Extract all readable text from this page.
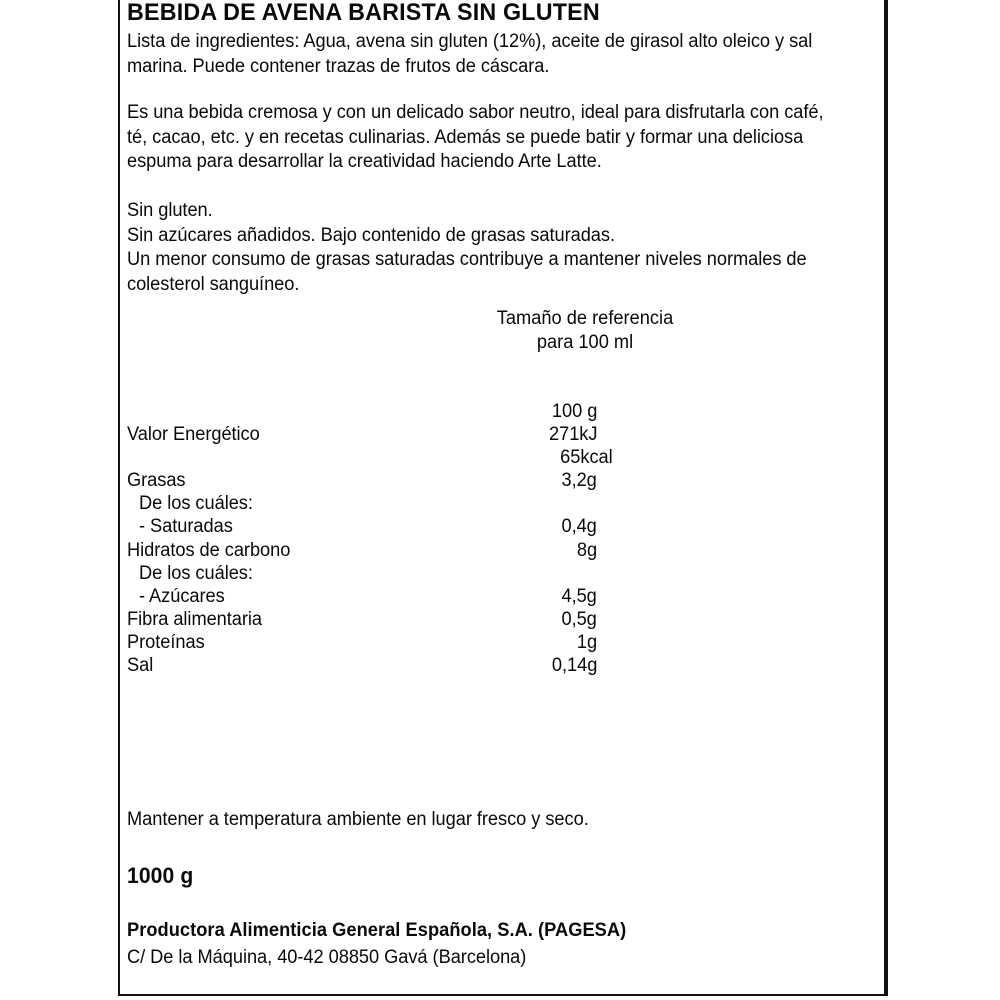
BEBIDA DE AVENA BARISTA SIN GLUTEN
Lista de ingredientes: Agua, avena sin gluten (12%), aceite de girasol alto oleico y sal marina. Puede contener trazas de frutos de cáscara.
Es una bebida cremosa y con un delicado sabor neutro, ideal para disfrutarla con café, té, cacao, etc. y en recetas culinarias. Además se puede batir y formar una deliciosa espuma para desarrollar la creatividad haciendo Arte Latte.
Sin gluten.
Sin azúcares añadidos. Bajo contenido de grasas saturadas.
Un menor consumo de grasas saturadas contribuye a mantener niveles normales de colesterol sanguíneo.
Tamaño de referencia
para 100 ml
100 g
Valor Energético	271kJ
65kcal
Grasas	3,2g
De los cuáles:
- Saturadas	0,4g
Hidratos de carbono	8g
De los cuáles:
- Azúcares	4,5g
Fibra alimentaria	0,5g
Proteínas	1g
Sal	0,14g
Mantener a temperatura ambiente en lugar fresco y seco.
1000 g
Productora Alimenticia General Española, S.A. (PAGESA)
C/ De la Máquina, 40-42 08850 Gavá (Barcelona)
